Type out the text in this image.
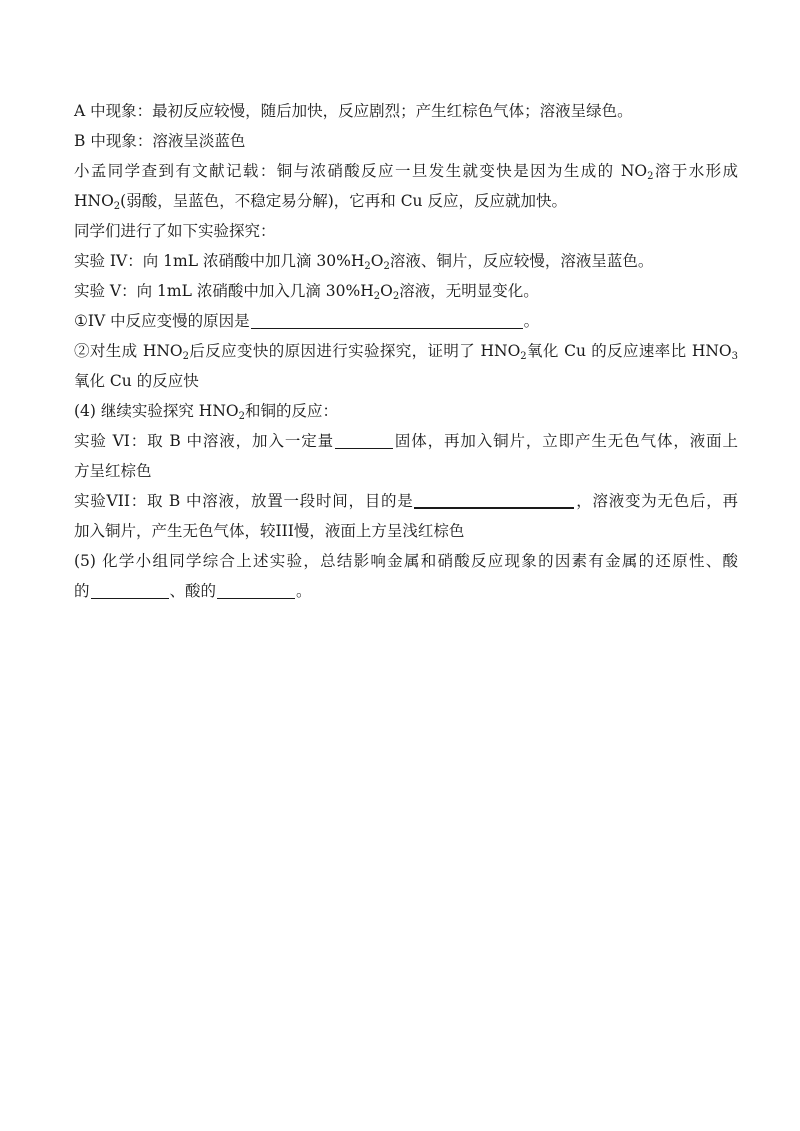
A 中现象：最初反应较慢，随后加快，反应剧烈；产生红棕色气体；溶液呈绿色。
B 中现象：溶液呈淡蓝色
小孟同学查到有文献记载：铜与浓硝酸反应一旦发生就变快是因为生成的 $NO_2$溶于水形成
$HNO_2$(弱酸，呈蓝色，不稳定易分解)，它再和 Cu 反应，反应就加快。
同学们进行了如下实验探究：
实验 IV：向 1mL 浓硝酸中加几滴 $30\%H_2O_2$溶液、铜片，反应较慢，溶液呈蓝色。
实验 V：向 1mL 浓硝酸中加入几滴 $30\%H_2O_2$溶液，无明显变化。
①IV 中反应变慢的原因是	。
②对生成 $HNO_2$后反应变快的原因进行实验探究，证明了 $HNO_2$氧化 Cu 的反应速率比 $HNO_3$
氧化 Cu 的反应快
(4) 继续实验探究 $HNO_2$和铜的反应：
实验 VI：取 B 中溶液，加入一定量	固体，再加入铜片，立即产生无色气体，液面上
方呈红棕色
实验VII：取 B 中溶液，放置一段时间，目的是	，溶液变为无色后，再
加入铜片，产生无色气体，较III慢，液面上方呈浅红棕色
(5) 化学小组同学综合上述实验，总结影响金属和硝酸反应现象的因素有金属的还原性、酸
的	、酸的	。
